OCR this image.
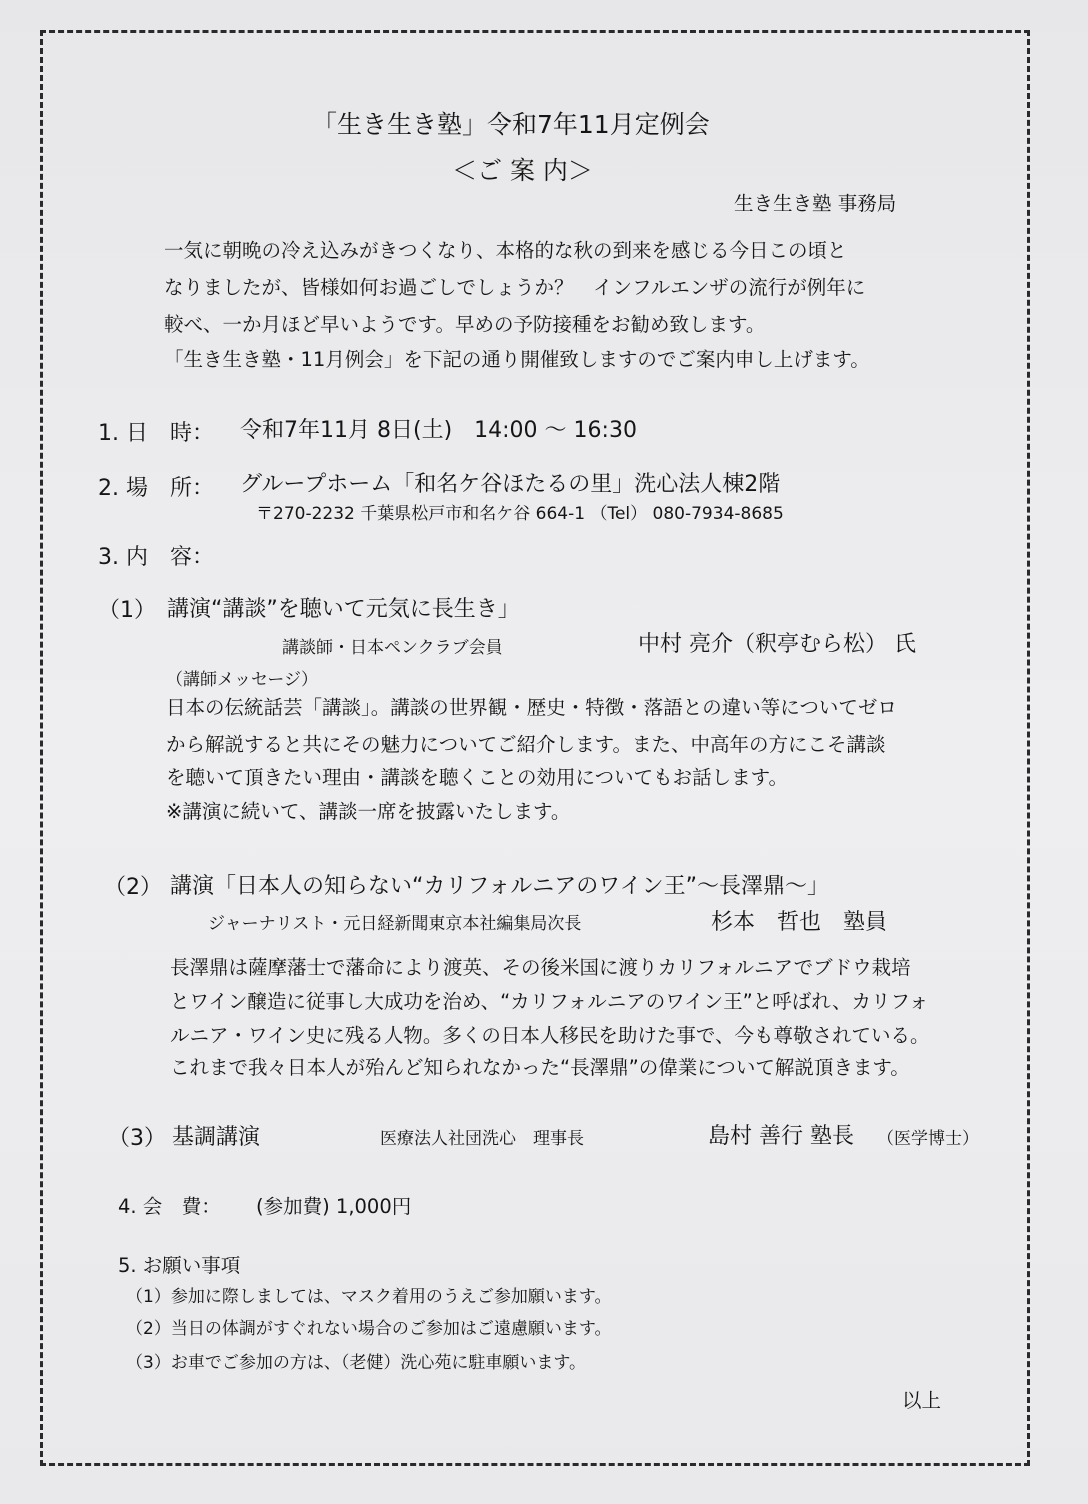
「生き生き塾」令和7年11月定例会
＜ご 案 内＞
生き生き塾 事務局
一気に朝晩の冷え込みがきつくなり、本格的な秋の到来を感じる今日この頃と
なりましたが、皆様如何お過ごしでしょうか？　インフルエンザの流行が例年に
較べ、一か月ほど早いようです。早めの予防接種をお勧め致します。
「生き生き塾・11月例会」を下記の通り開催致しますのでご案内申し上げます。
1. 日　時： 令和7年11月 8日(土)　14:00 ～ 16:30
2. 場　所： グループホーム「和名ケ谷ほたるの里」洗心法人棟2階
〒270-2232 千葉県松戸市和名ケ谷 664-1 （Tel） 080-7934-8685
3. 内　容：
（1） 講演“講談”を聴いて元気に長生き」
講談師・日本ペンクラブ会員	中村 亮介（釈亭むら松） 氏
（講師メッセージ）
日本の伝統話芸「講談」。講談の世界観・歴史・特徴・落語との違い等についてゼロ
から解説すると共にその魅力についてご紹介します。また、中高年の方にこそ講談
を聴いて頂きたい理由・講談を聴くことの効用についてもお話します。
※講演に続いて、講談一席を披露いたします。
（2） 講演「日本人の知らない“カリフォルニアのワイン王”～長澤鼎～」
ジャーナリスト・元日経新聞東京本社編集局次長	杉本　哲也　塾員
長澤鼎は薩摩藩士で藩命により渡英、その後米国に渡りカリフォルニアでブドウ栽培
とワイン醸造に従事し大成功を治め、“カリフォルニアのワイン王”と呼ばれ、カリフォ
ルニア・ワイン史に残る人物。多くの日本人移民を助けた事で、今も尊敬されている。
これまで我々日本人が殆んど知られなかった“長澤鼎”の偉業について解説頂きます。
（3） 基調講演	医療法人社団洗心　理事長	島村 善行 塾長 （医学博士）
4. 会　費： (参加費) 1,000円
5. お願い事項
（1）参加に際しましては、マスク着用のうえご参加願います。
（2）当日の体調がすぐれない場合のご参加はご遠慮願います。
（3）お車でご参加の方は、（老健）洗心苑に駐車願います。
以上
